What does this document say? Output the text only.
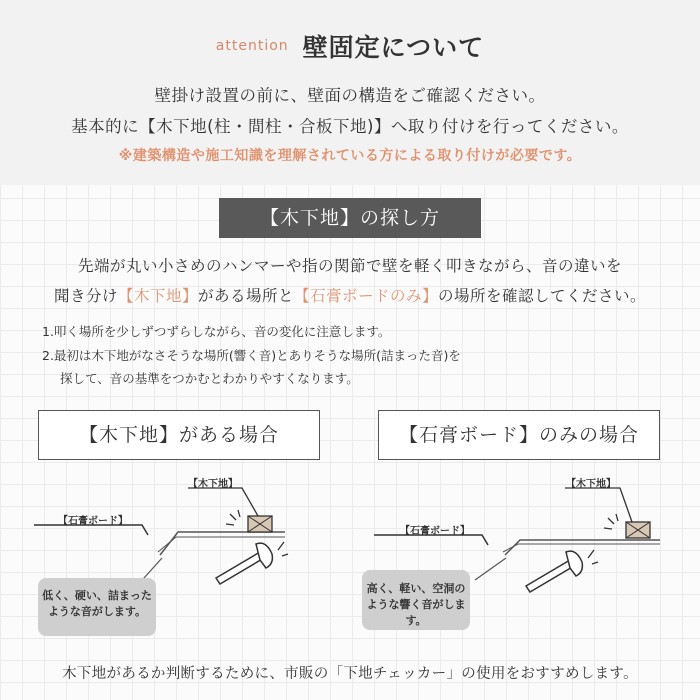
attention 壁固定について
壁掛け設置の前に、壁面の構造をご確認ください。
基本的に【木下地(柱・間柱・合板下地)】へ取り付けを行ってください。
※建築構造や施工知識を理解されている方による取り付けが必要です。
【木下地】の探し方
先端が丸い小さめのハンマーや指の関節で壁を軽く叩きながら、音の違いを
聞き分け【木下地】がある場所と【石膏ボードのみ】の場所を確認してください。
1.叩く場所を少しずつずらしながら、音の変化に注意します。
2.最初は木下地がなさそうな場所(響く音)とありそうな場所(詰まった音)を
探して、音の基準をつかむとわかりやすくなります。
【木下地】がある場合	【石膏ボード】のみの場合
【木下地】
【石膏ボード】
低く、硬い、詰まった
ような音がします。
【木下地】
【石膏ボード】
高く、軽い、空洞の
ような響く音がします。
木下地があるか判断するために、市販の「下地チェッカー」の使用をおすすめします。
